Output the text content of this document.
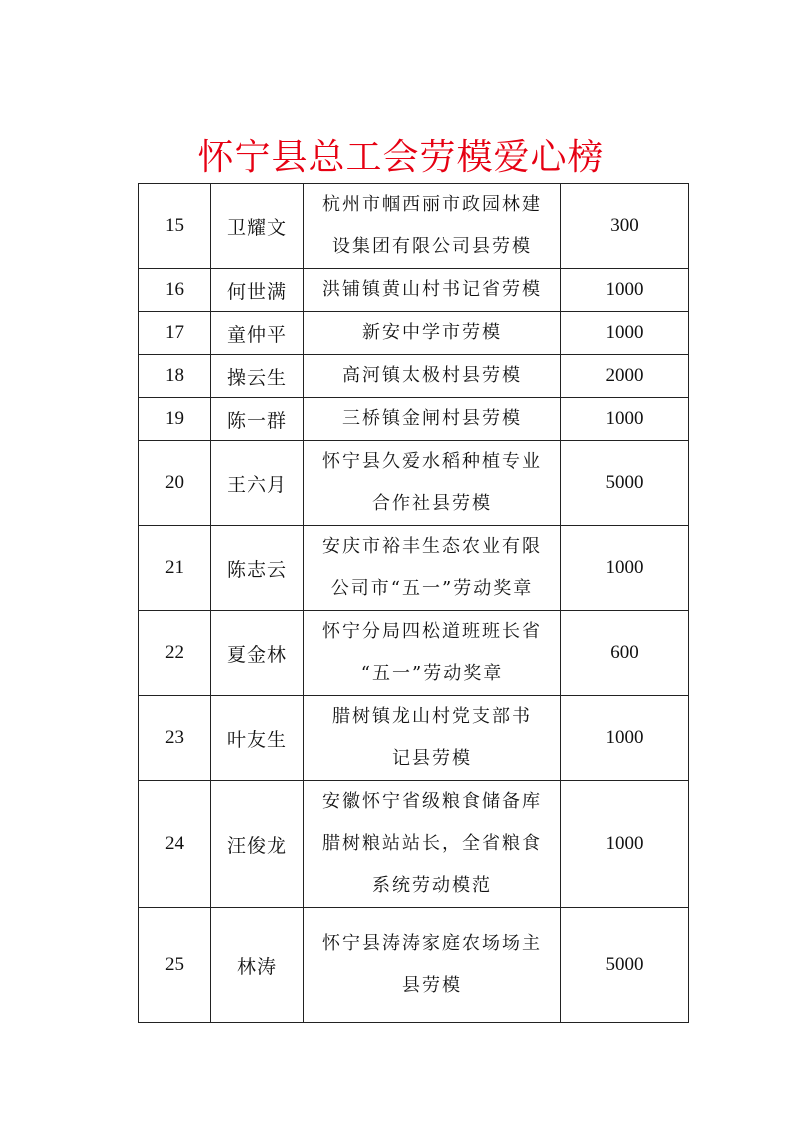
怀宁县总工会劳模爱心榜
15	卫耀文	杭州市帼西丽市政园林建
设集团有限公司县劳模	300
16	何世满	洪铺镇黄山村书记省劳模	1000
17	童仲平	新安中学市劳模	1000
18	操云生	高河镇太极村县劳模	2000
19	陈一群	三桥镇金闸村县劳模	1000
20	王六月	怀宁县久爱水稻种植专业
合作社县劳模	5000
21	陈志云	安庆市裕丰生态农业有限
公司市“五一”劳动奖章	1000
22	夏金林	怀宁分局四松道班班长省
“五一”劳动奖章	600
23	叶友生	腊树镇龙山村党支部书
记县劳模	1000
24	汪俊龙	安徽怀宁省级粮食储备库
腊树粮站站长，全省粮食
系统劳动模范	1000
25	林涛	怀宁县涛涛家庭农场场主
县劳模	5000
